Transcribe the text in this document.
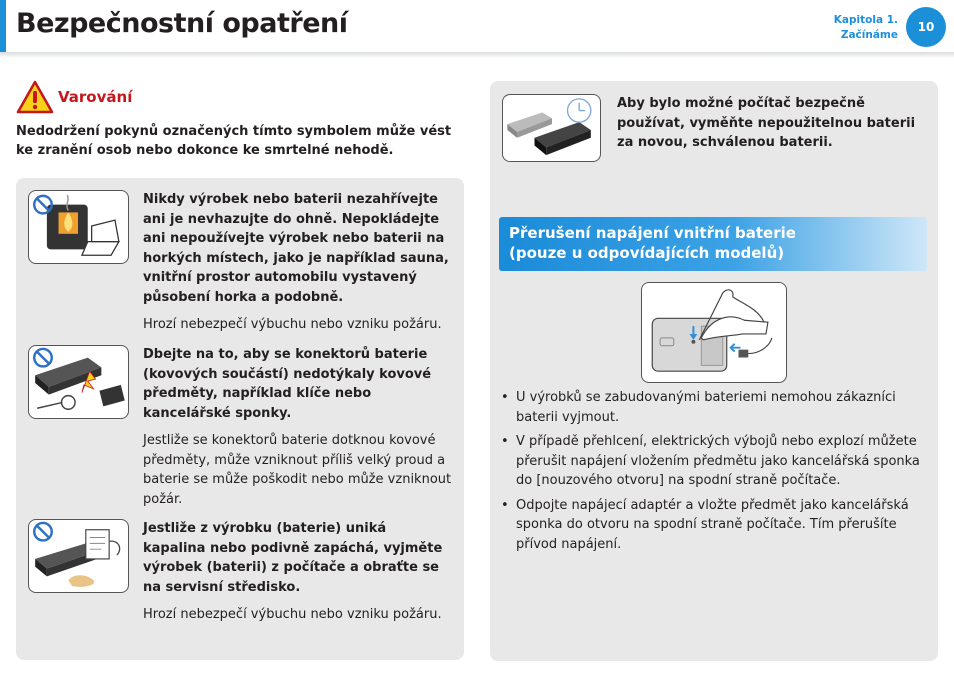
Bezpečnostní opatření	Kapitola 1.
Začínáme
10
Varování
Nedodržení pokynů označených tímto symbolem může vést ke zranění osob nebo dokonce ke smrtelné nehodě.
Nikdy výrobek nebo baterii nezahřívejte ani je nevhazujte do ohně. Nepokládejte ani nepoužívejte výrobek nebo baterii na horkých místech, jako je například sauna, vnitřní prostor automobilu vystavený působení horka a podobně.
Hrozí nebezpečí výbuchu nebo vzniku požáru.
Dbejte na to, aby se konektorů baterie (kovových součástí) nedotýkaly kovové předměty, například klíče nebo kancelářské sponky.
Jestliže se konektorů baterie dotknou kovové předměty, může vzniknout příliš velký proud a baterie se může poškodit nebo může vzniknout požár.
Jestliže z výrobku (baterie) uniká kapalina nebo podivně zapáchá, vyjměte výrobek (baterii) z počítače a obraťte se na servisní středisko.
Hrozí nebezpečí výbuchu nebo vzniku požáru.
Aby bylo možné počítač bezpečně používat, vyměňte nepoužitelnou baterii za novou, schválenou baterii.
Přerušení napájení vnitřní baterie
(pouze u odpovídajících modelů)
• U výrobků se zabudovanými bateriemi nemohou zákazníci baterii vyjmout.
• V případě přehlcení, elektrických výbojů nebo explozí můžete přerušit napájení vložením předmětu jako kancelářská sponka do [nouzového otvoru] na spodní straně počítače.
• Odpojte napájecí adaptér a vložte předmět jako kancelářská sponka do otvoru na spodní straně počítače. Tím přerušíte přívod napájení.
